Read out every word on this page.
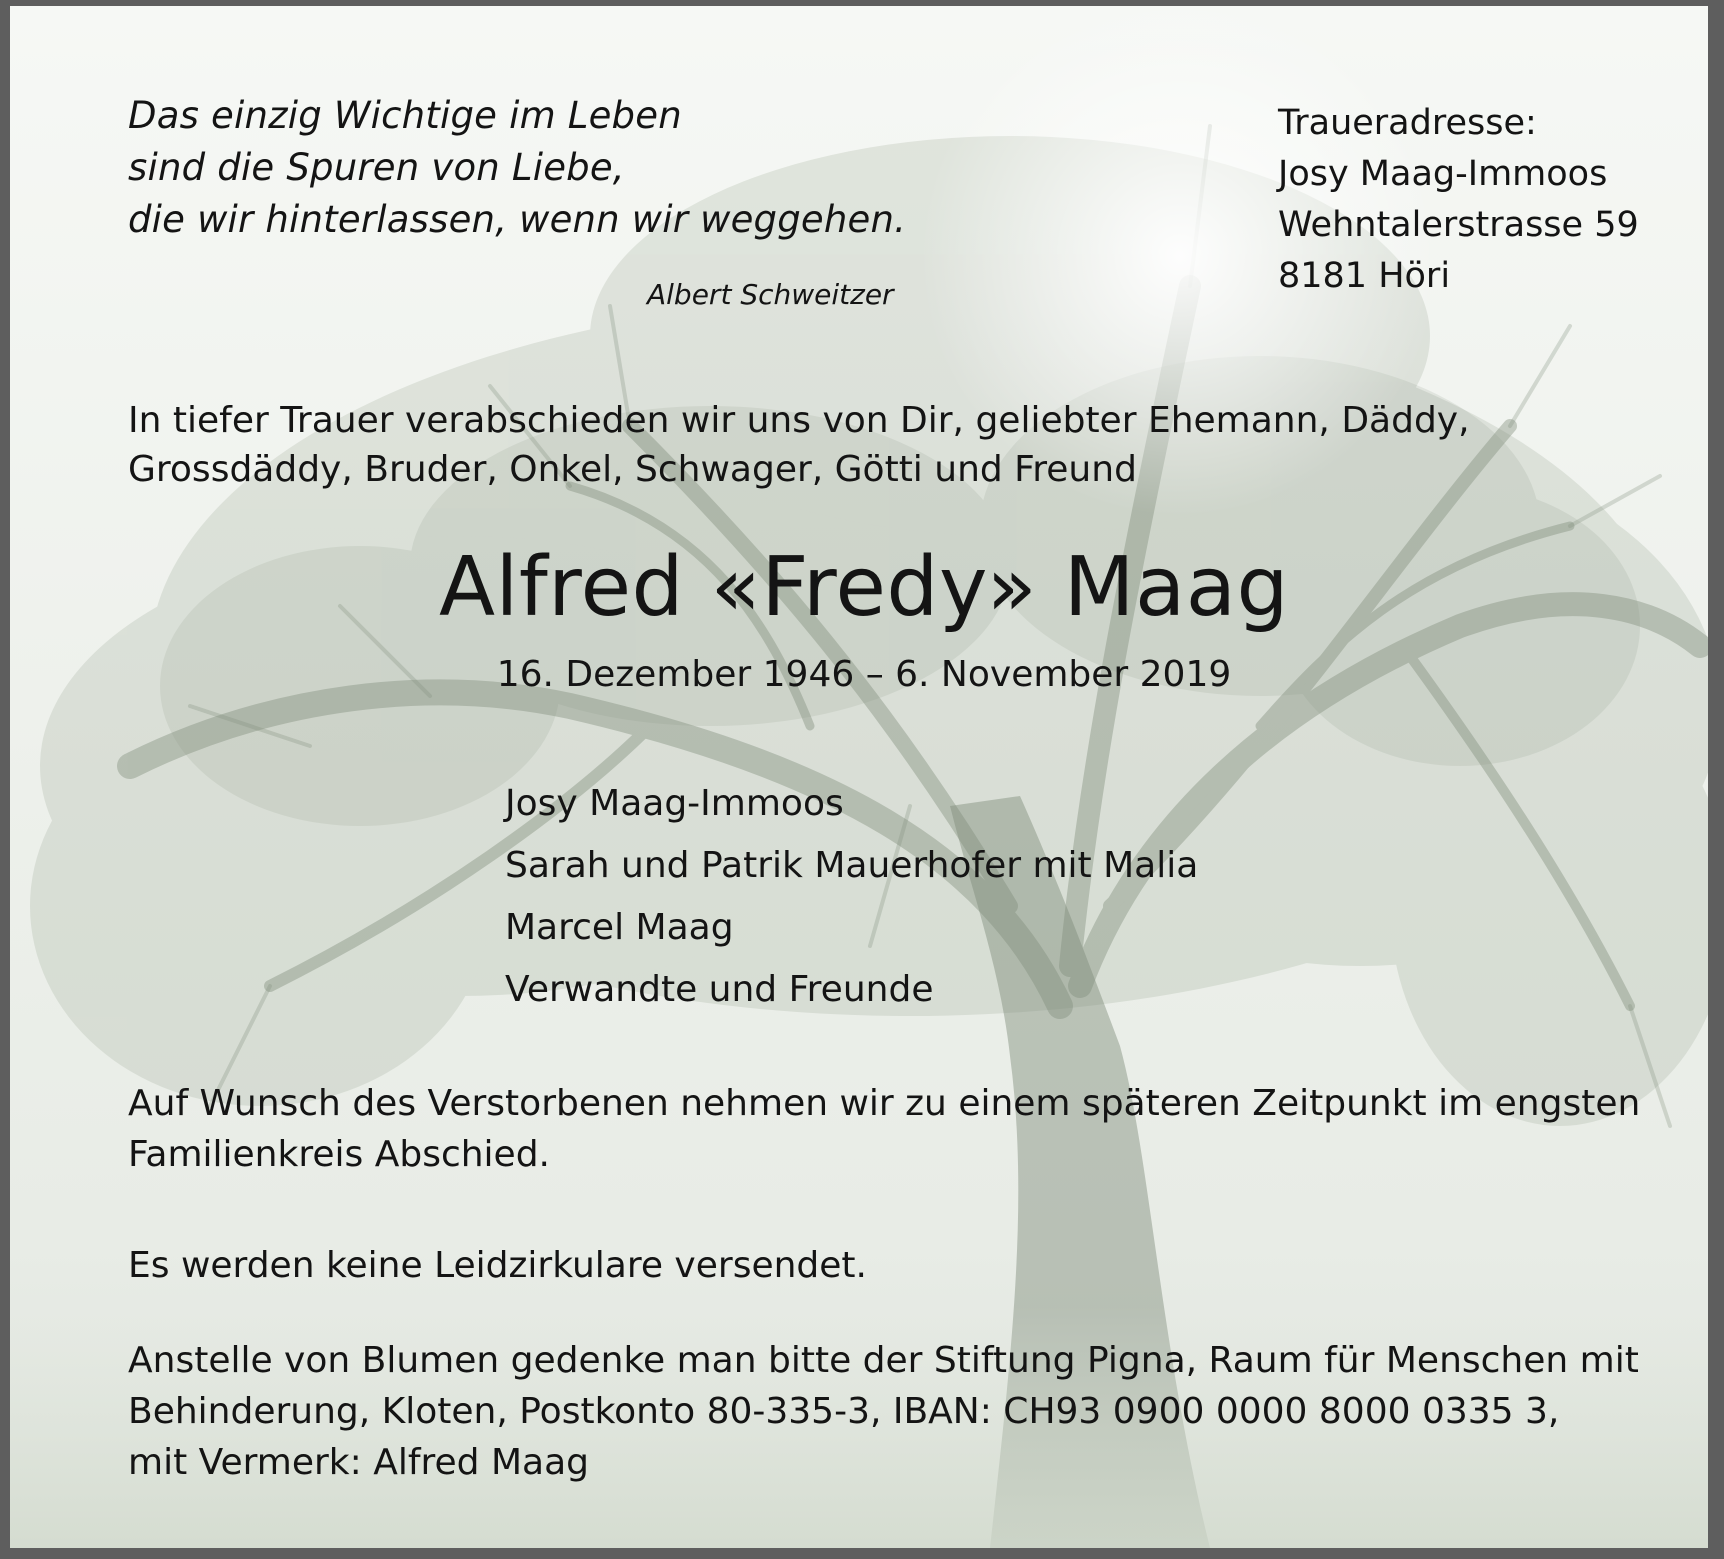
Das einzig Wichtige im Leben
sind die Spuren von Liebe,
die wir hinterlassen, wenn wir weggehen.

Albert Schweitzer

Traueradresse:
Josy Maag-Immoos
Wehntalerstrasse 59
8181 Höri

In tiefer Trauer verabschieden wir uns von Dir, geliebter Ehemann, Däddy,
Grossdäddy, Bruder, Onkel, Schwager, Götti und Freund

Alfred «Fredy» Maag

16. Dezember 1946 – 6. November 2019

Josy Maag-Immoos
Sarah und Patrik Mauerhofer mit Malia
Marcel Maag
Verwandte und Freunde

Auf Wunsch des Verstorbenen nehmen wir zu einem späteren Zeitpunkt im engsten
Familienkreis Abschied.

Es werden keine Leidzirkulare versendet.

Anstelle von Blumen gedenke man bitte der Stiftung Pigna, Raum für Menschen mit
Behinderung, Kloten, Postkonto 80-335-3, IBAN: CH93 0900 0000 8000 0335 3,
mit Vermerk: Alfred Maag
